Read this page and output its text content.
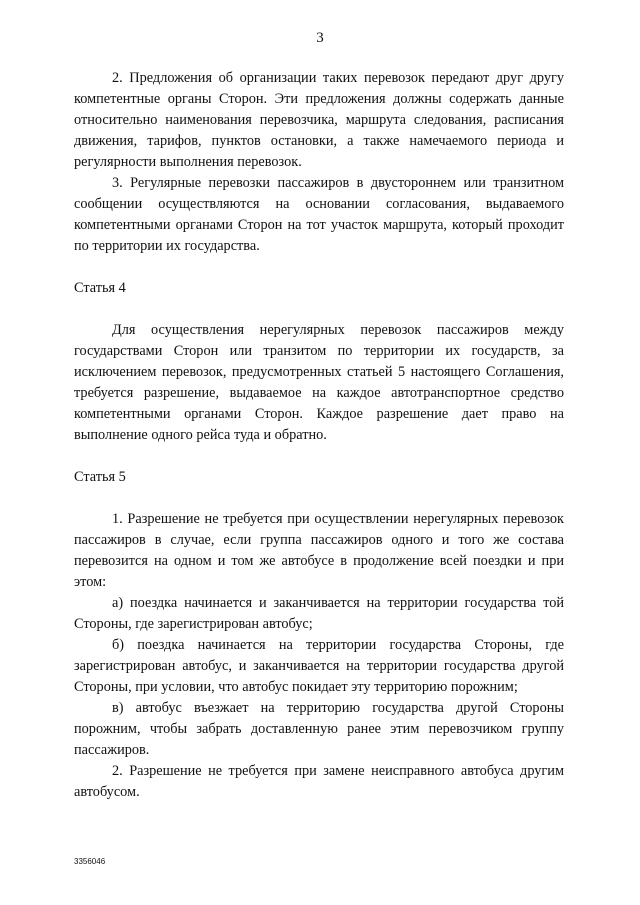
3

2. Предложения об организации таких перевозок передают друг другу компетентные органы Сторон. Эти предложения должны содержать данные относительно наименования перевозчика, маршрута следования, расписания движения, тарифов, пунктов остановки, а также намечаемого периода и регулярности выполнения перевозок.

3. Регулярные перевозки пассажиров в двустороннем или транзитном сообщении осуществляются на основании согласования, выдаваемого компетентными органами Сторон на тот участок маршрута, который проходит по территории их государства.

Статья 4

Для осуществления нерегулярных перевозок пассажиров между государствами Сторон или транзитом по территории их государств, за исключением перевозок, предусмотренных статьей 5 настоящего Соглашения, требуется разрешение, выдаваемое на каждое автотранспортное средство компетентными органами Сторон. Каждое разрешение дает право на выполнение одного рейса туда и обратно.

Статья 5

1. Разрешение не требуется при осуществлении нерегулярных перевозок пассажиров в случае, если группа пассажиров одного и того же состава перевозится на одном и том же автобусе в продолжение всей поездки и при этом:

а) поездка начинается и заканчивается на территории государства той Стороны, где зарегистрирован автобус;

б) поездка начинается на территории государства Стороны, где зарегистрирован автобус, и заканчивается на территории государства другой Стороны, при условии, что автобус покидает эту территорию порожним;

в) автобус въезжает на территорию государства другой Стороны порожним, чтобы забрать доставленную ранее этим перевозчиком группу пассажиров.

2. Разрешение не требуется при замене неисправного автобуса другим автобусом.

3356046
